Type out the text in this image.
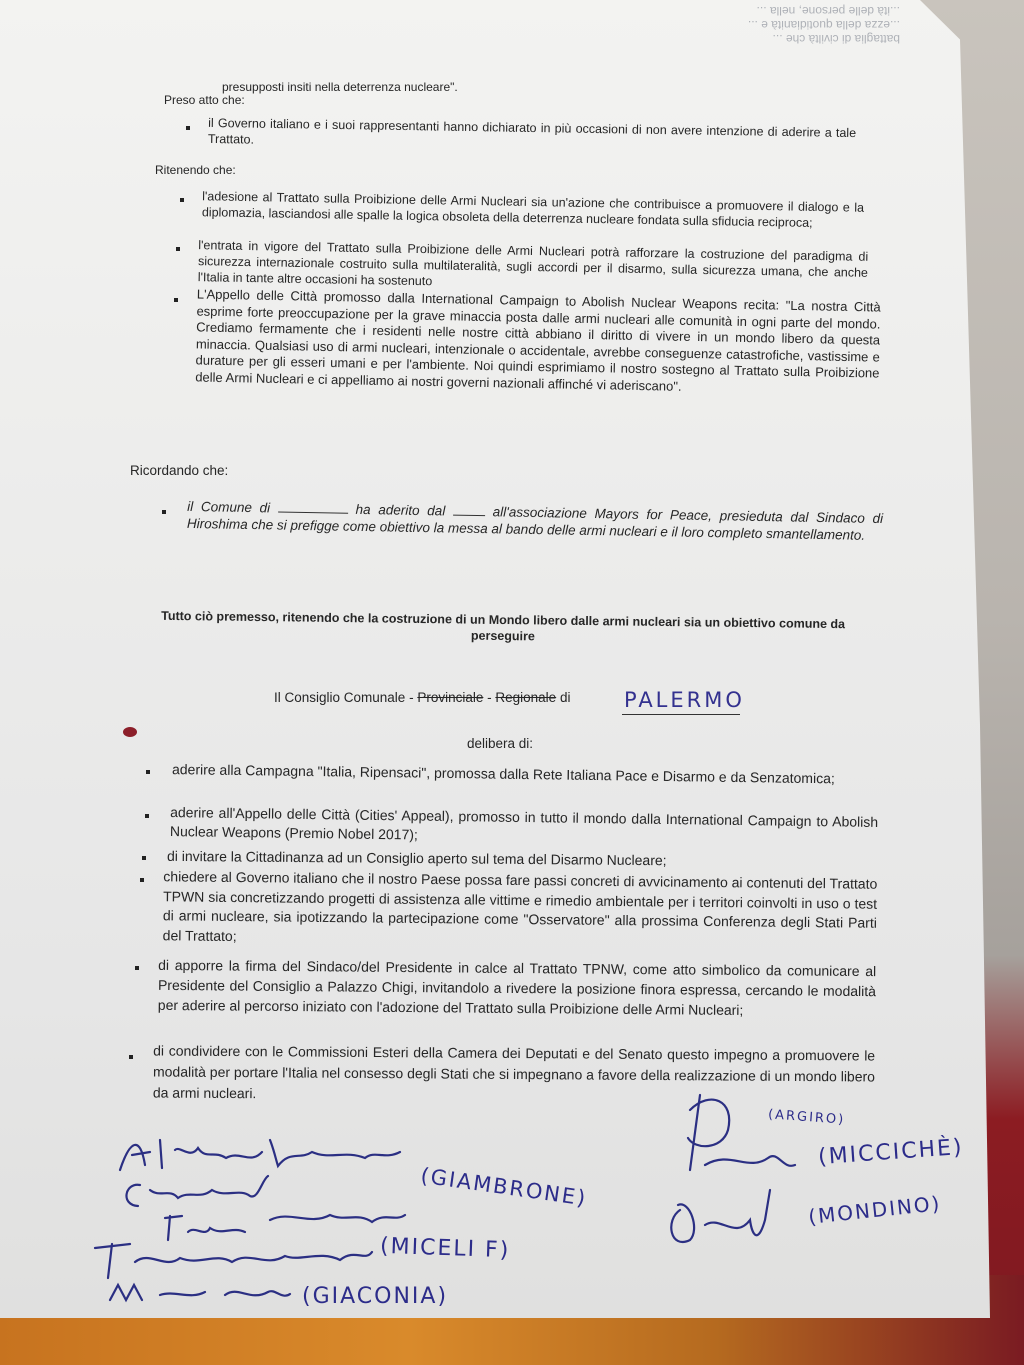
battaglia di civiltà che ...
...ezza della quotidianità e ...
...ità delle persone, nella ...
presupposti insiti nella deterrenza nucleare".
Preso atto che:
il Governo italiano e i suoi rappresentanti hanno dichiarato in più occasioni di non avere intenzione di aderire a tale Trattato.
Ritenendo che:
l'adesione al Trattato sulla Proibizione delle Armi Nucleari sia un'azione che contribuisce a promuovere il dialogo e la diplomazia, lasciandosi alle spalle la logica obsoleta della deterrenza nucleare fondata sulla sfiducia reciproca;
l'entrata in vigore del Trattato sulla Proibizione delle Armi Nucleari potrà rafforzare la costruzione del paradigma di sicurezza internazionale costruito sulla multilateralità, sugli accordi per il disarmo, sulla sicurezza umana, che anche l'Italia in tante altre occasioni ha sostenuto
L'Appello delle Città promosso dalla International Campaign to Abolish Nuclear Weapons recita: "La nostra Città esprime forte preoccupazione per la grave minaccia posta dalle armi nucleari alle comunità in ogni parte del mondo. Crediamo fermamente che i residenti nelle nostre città abbiano il diritto di vivere in un mondo libero da questa minaccia. Qualsiasi uso di armi nucleari, intenzionale o accidentale, avrebbe conseguenze catastrofiche, vastissime e durature per gli esseri umani e per l'ambiente. Noi quindi esprimiamo il nostro sostegno al Trattato sulla Proibizione delle Armi Nucleari e ci appelliamo ai nostri governi nazionali affinché vi aderiscano".
Ricordando che:
il Comune di	ha aderito dal	all'associazione Mayors for Peace, presieduta dal Sindaco di Hiroshima che si prefigge come obiettivo la messa al bando delle armi nucleari e il loro completo smantellamento.
Tutto ciò premesso, ritenendo che la costruzione di un Mondo libero dalle armi nucleari sia un obiettivo comune da perseguire
Il Consiglio Comunale - Provinciale - Regionale di	PALERMO
delibera di:
aderire alla Campagna "Italia, Ripensaci", promossa dalla Rete Italiana Pace e Disarmo e da Senzatomica;
aderire all'Appello delle Città (Cities' Appeal), promosso in tutto il mondo dalla International Campaign to Abolish Nuclear Weapons (Premio Nobel 2017);
di invitare la Cittadinanza ad un Consiglio aperto sul tema del Disarmo Nucleare;
chiedere al Governo italiano che il nostro Paese possa fare passi concreti di avvicinamento ai contenuti del Trattato TPWN sia concretizzando progetti di assistenza alle vittime e rimedio ambientale per i territori coinvolti in uso o test di armi nucleare, sia ipotizzando la partecipazione come "Osservatore" alla prossima Conferenza degli Stati Parti del Trattato;
di apporre la firma del Sindaco/del Presidente in calce al Trattato TPNW, come atto simbolico da comunicare al Presidente del Consiglio a Palazzo Chigi, invitandolo a rivedere la posizione finora espressa, cercando le modalità per aderire al percorso iniziato con l'adozione del Trattato sulla Proibizione delle Armi Nucleari;
di condividere con le Commissioni Esteri della Camera dei Deputati e del Senato questo impegno a promuovere le modalità per portare l'Italia nel consesso degli Stati che si impegnano a favore della realizzazione di un mondo libero da armi nucleari.
(GIAMBRONE)
(MICELI F)
(GIACONIA)
(ARGIRO)
(MICCICHÈ)
(MONDINO)
